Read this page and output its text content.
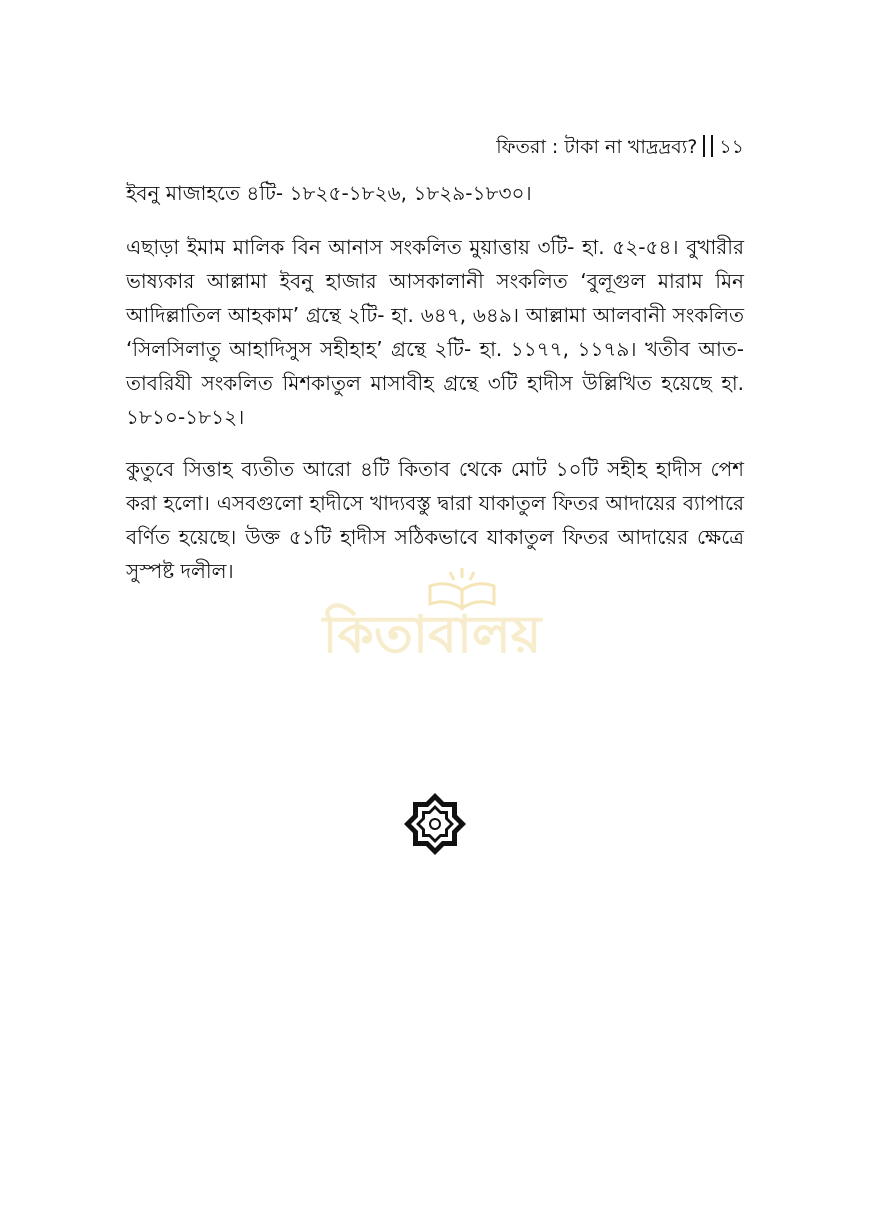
ফিতরা : টাকা না খাদ্রদ্রব্য? ১১

ইবনু মাজাহতে ৪টি- ১৮২৫-১৮২৬, ১৮২৯-১৮৩০।

এছাড়া ইমাম মালিক বিন আনাস সংকলিত মুয়াত্তায় ৩টি- হা. ৫২-৫৪। বুখারীর ভাষ্যকার আল্লামা ইবনু হাজার আসকালানী সংকলিত ‘বুলূগুল মারাম মিন আদিল্লাতিল আহকাম’ গ্রন্থে ২টি- হা. ৬৪৭, ৬৪৯। আল্লামা আলবানী সংকলিত ‘সিলসিলাতু আহাদিসুস সহীহাহ’ গ্রন্থে ২টি- হা. ১১৭৭, ১১৭৯। খতীব আত-তাবরিযী সংকলিত মিশকাতুল মাসাবীহ গ্রন্থে ৩টি হাদীস উল্লিখিত হয়েছে হা. ১৮১০-১৮১২।

কুতুবে সিত্তাহ ব্যতীত আরো ৪টি কিতাব থেকে মোট ১০টি সহীহ হাদীস পেশ করা হলো। এসবগুলো হাদীসে খাদ্যবস্তু দ্বারা যাকাতুল ফিতর আদায়ের ব্যাপারে বর্ণিত হয়েছে। উক্ত ৫১টি হাদীস সঠিকভাবে যাকাতুল ফিতর আদায়ের ক্ষেত্রে সুস্পষ্ট দলীল।

কিতাবালয়
